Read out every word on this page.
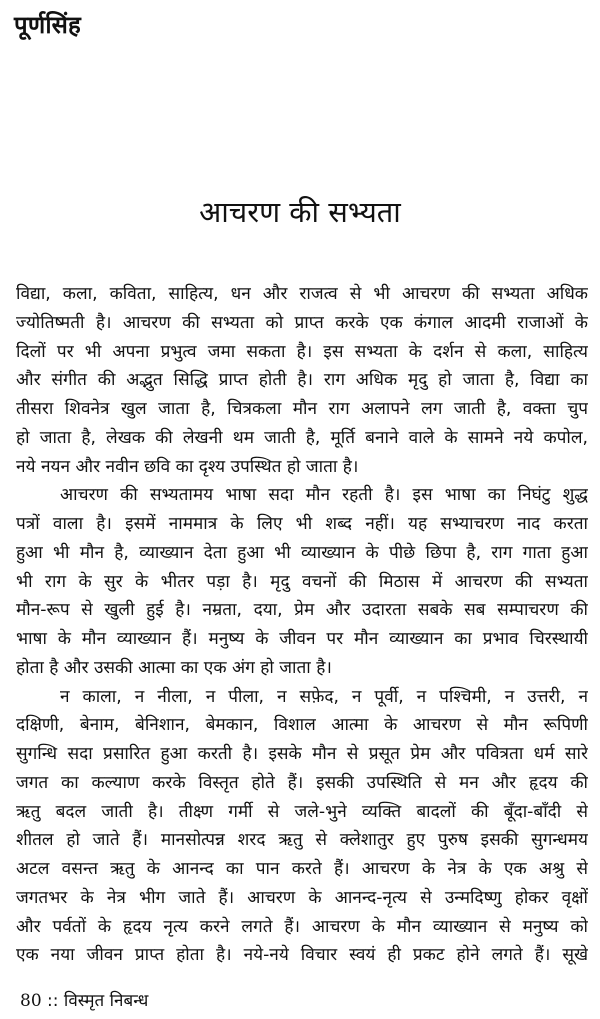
पूर्णसिंह
आचरण की सभ्यता

विद्या, कला, कविता, साहित्य, धन और राजत्व से भी आचरण की सभ्यता अधिक
ज्योतिष्मती है। आचरण की सभ्यता को प्राप्त करके एक कंगाल आदमी राजाओं के
दिलों पर भी अपना प्रभुत्व जमा सकता है। इस सभ्यता के दर्शन से कला, साहित्य
और संगीत की अद्भुत सिद्धि प्राप्त होती है। राग अधिक मृदु हो जाता है, विद्या का
तीसरा शिवनेत्र खुल जाता है, चित्रकला मौन राग अलापने लग जाती है, वक्ता चुप
हो जाता है, लेखक की लेखनी थम जाती है, मूर्ति बनाने वाले के सामने नये कपोल,
नये नयन और नवीन छवि का दृश्य उपस्थित हो जाता है।

आचरण की सभ्यतामय भाषा सदा मौन रहती है। इस भाषा का निघंटु शुद्ध
पत्रों वाला है। इसमें नाममात्र के लिए भी शब्द नहीं। यह सभ्याचरण नाद करता
हुआ भी मौन है, व्याख्यान देता हुआ भी व्याख्यान के पीछे छिपा है, राग गाता हुआ
भी राग के सुर के भीतर पड़ा है। मृदु वचनों की मिठास में आचरण की सभ्यता
मौन-रूप से खुली हुई है। नम्रता, दया, प्रेम और उदारता सबके सब सम्पाचरण की
भाषा के मौन व्याख्यान हैं। मनुष्य के जीवन पर मौन व्याख्यान का प्रभाव चिरस्थायी
होता है और उसकी आत्मा का एक अंग हो जाता है।

न काला, न नीला, न पीला, न सफ़ेद, न पूर्वी, न पश्चिमी, न उत्तरी, न
दक्षिणी, बेनाम, बेनिशान, बेमकान, विशाल आत्मा के आचरण से मौन रूपिणी
सुगन्धि सदा प्रसारित हुआ करती है। इसके मौन से प्रसूत प्रेम और पवित्रता धर्म सारे
जगत का कल्याण करके विस्तृत होते हैं। इसकी उपस्थिति से मन और हृदय की
ऋतु बदल जाती है। तीक्ष्ण गर्मी से जले-भुने व्यक्ति बादलों की बूँदा-बाँदी से
शीतल हो जाते हैं। मानसोत्पन्न शरद ऋतु से क्लेशातुर हुए पुरुष इसकी सुगन्धमय
अटल वसन्त ऋतु के आनन्द का पान करते हैं। आचरण के नेत्र के एक अश्रु से
जगतभर के नेत्र भीग जाते हैं। आचरण के आनन्द-नृत्य से उन्मदिष्णु होकर वृक्षों
और पर्वतों के हृदय नृत्य करने लगते हैं। आचरण के मौन व्याख्यान से मनुष्य को
एक नया जीवन प्राप्त होता है। नये-नये विचार स्वयं ही प्रकट होने लगते हैं। सूखे

80 :: विस्मृत निबन्ध
